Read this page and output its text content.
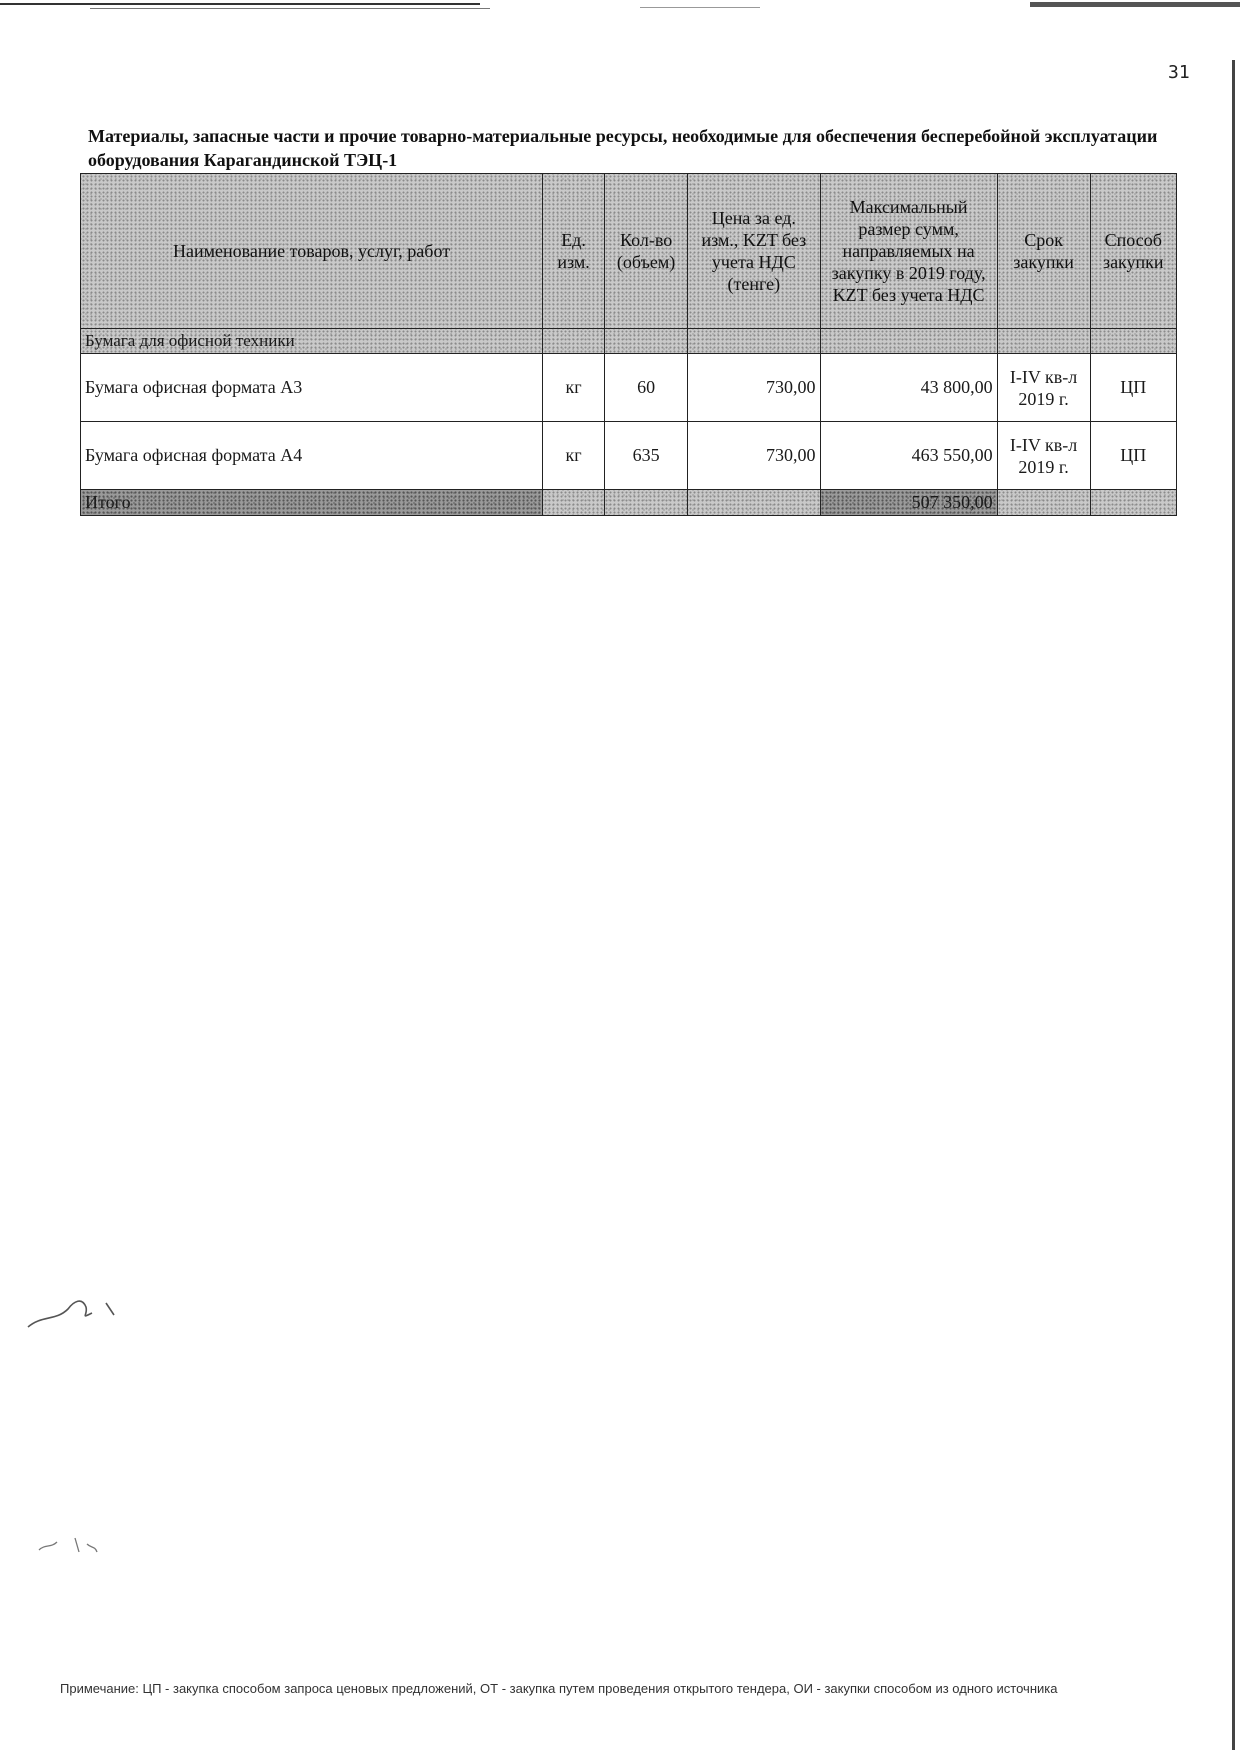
31
Материалы, запасные части и прочие товарно-материальные ресурсы, необходимые для обеспечения бесперебойной эксплуатации оборудования Карагандинской ТЭЦ-1
Наименование товаров, услуг, работ	Ед. изм.	Кол-во (объем)	Цена за ед. изм., KZT без учета НДС (тенге)	Максимальный размер сумм, направляемых на закупку в 2019 году, KZT без учета НДС	Срок закупки	Способ закупки
Бумага для офисной техники						
Бумага офисная формата А3	кг	60	730,00	43 800,00	I-IV кв-л 2019 г.	ЦП
Бумага офисная формата А4	кг	635	730,00	463 550,00	I-IV кв-л 2019 г.	ЦП
Итого				507 350,00		
Примечание: ЦП - закупка способом запроса ценовых предложений, ОТ - закупка путем проведения открытого тендера, ОИ - закупки способом из одного источника
